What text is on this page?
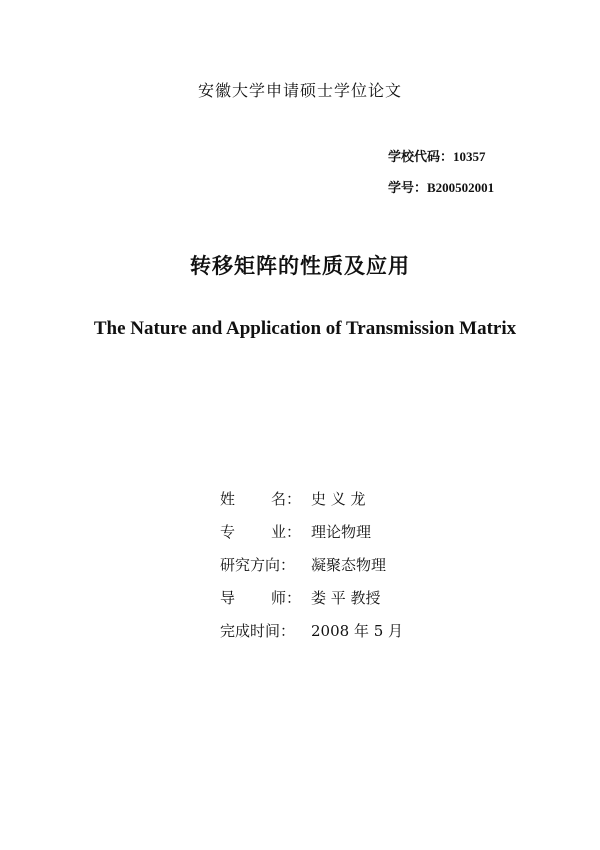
安徽大学申请硕士学位论文
学校代码：10357
学号：B200502001
转移矩阵的性质及应用
The Nature and Application of Transmission Matrix
姓 名 ： 史 义 龙
专 业 ： 理论物理
研究方向：	凝聚态物理
导 师 ： 娄 平 教授
完成时间：	2008 年 5 月
